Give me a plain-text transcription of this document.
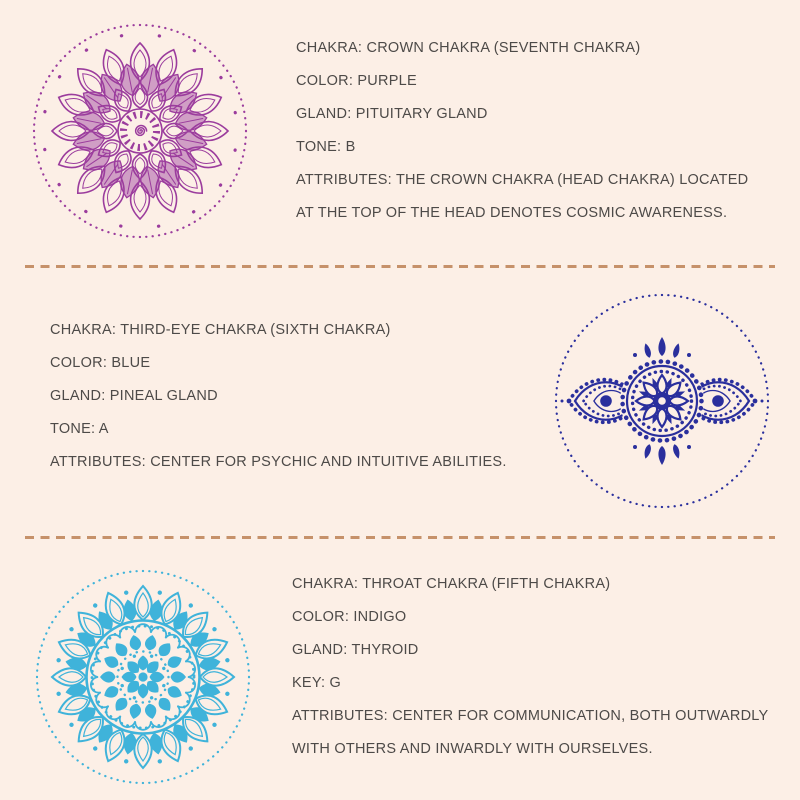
CHAKRA: CROWN CHAKRA (SEVENTH CHAKRA)

COLOR: PURPLE

GLAND: PITUITARY GLAND

TONE: B

ATTRIBUTES: THE CROWN CHAKRA (HEAD CHAKRA) LOCATED

AT THE TOP OF THE HEAD DENOTES COSMIC AWARENESS.

CHAKRA: THIRD-EYE CHAKRA (SIXTH CHAKRA)

COLOR: BLUE

GLAND: PINEAL GLAND

TONE: A

ATTRIBUTES: CENTER FOR PSYCHIC AND INTUITIVE ABILITIES.

CHAKRA: THROAT CHAKRA (FIFTH CHAKRA)

COLOR: INDIGO

GLAND: THYROID

KEY: G

ATTRIBUTES: CENTER FOR COMMUNICATION, BOTH OUTWARDLY

WITH OTHERS AND INWARDLY WITH OURSELVES.
